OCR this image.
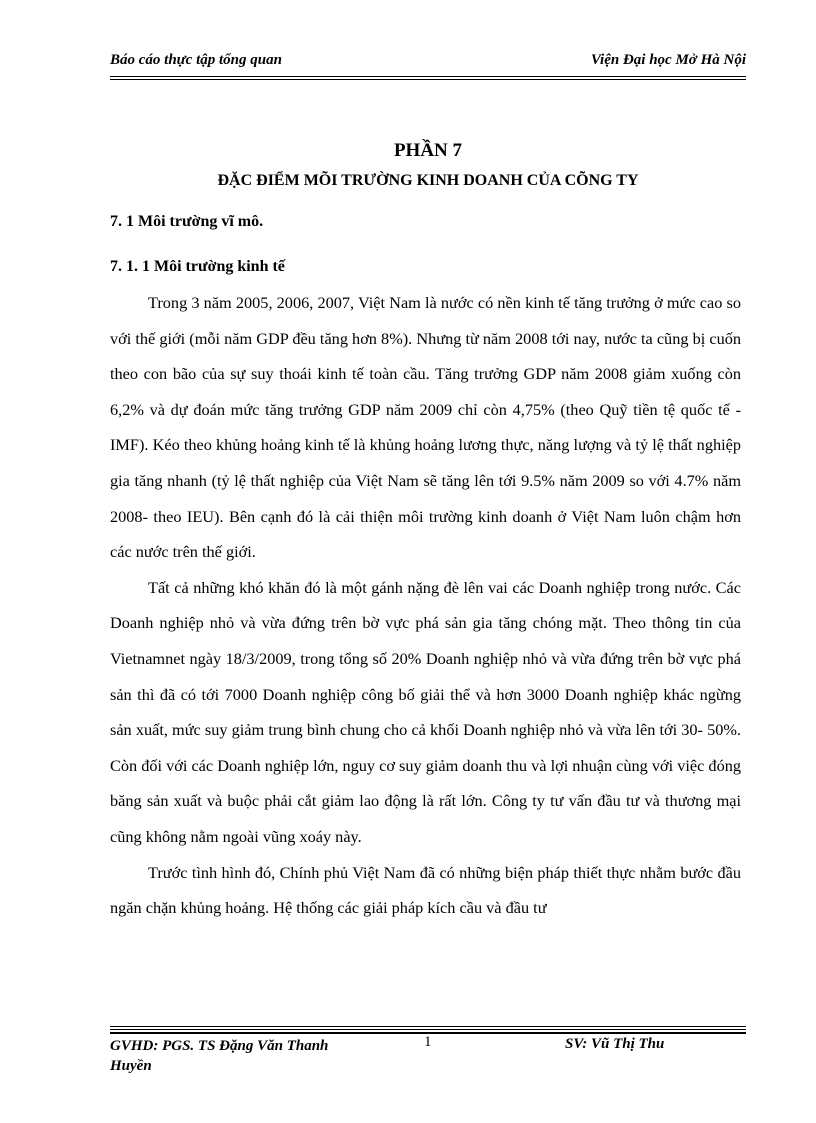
Báo cáo thực tập tổng quan	Viện Đại học Mở Hà Nội
PHẦN 7
ĐẶC ĐIỂM MÕI TRƯỜNG KINH DOANH CỦA CÕNG TY
7. 1 Môi trường vĩ mô.
7. 1. 1 Môi trường kinh tế

Trong 3 năm 2005, 2006, 2007, Việt Nam là nước có nền kinh tế tăng trưởng ở mức cao so với thế giới (mỗi năm GDP đều tăng hơn 8%). Nhưng từ năm 2008 tới nay, nước ta cũng bị cuốn theo con bão của sự suy thoái kinh tế toàn cầu. Tăng trưởng GDP năm 2008 giảm xuống còn 6,2% và dự đoán mức tăng trưởng GDP năm 2009 chỉ còn 4,75% (theo Quỹ tiền tệ quốc tế - IMF). Kéo theo khủng hoảng kinh tế là khủng hoảng lương thực, năng lượng và tỷ lệ thất nghiệp gia tăng nhanh (tỷ lệ thất nghiệp của Việt Nam sẽ tăng lên tới 9.5% năm 2009 so với 4.7% năm 2008- theo IEU). Bên cạnh đó là cải thiện môi trường kinh doanh ở Việt Nam luôn chậm hơn các nước trên thế giới.

Tất cả những khó khăn đó là một gánh nặng đè lên vai các Doanh nghiệp trong nước. Các Doanh nghiệp nhỏ và vừa đứng trên bờ vực phá sản gia tăng chóng mặt. Theo thông tin của Vietnamnet ngày 18/3/2009, trong tổng số 20% Doanh nghiệp nhỏ và vừa đứng trên bờ vực phá sản thì đã có tới 7000 Doanh nghiệp công bố giải thể và hơn 3000 Doanh nghiệp khác ngừng sản xuất, mức suy giảm trung bình chung cho cả khối Doanh nghiệp nhỏ và vừa lên tới 30- 50%. Còn đối với các Doanh nghiệp lớn, nguy cơ suy giảm doanh thu và lợi nhuận cùng với việc đóng băng sản xuất và buộc phải cắt giảm lao động là rất lớn. Công ty tư vấn đầu tư và thương mại cũng không nằm ngoài vũng xoáy này.

Trước tình hình đó, Chính phủ Việt Nam đã có những biện pháp thiết thực nhằm bước đầu ngăn chặn khủng hoảng. Hệ thống các giải pháp kích cầu và đầu tư

GVHD: PGS. TS Đặng Văn Thanh Huyền
1	SV: Vũ Thị Thu
